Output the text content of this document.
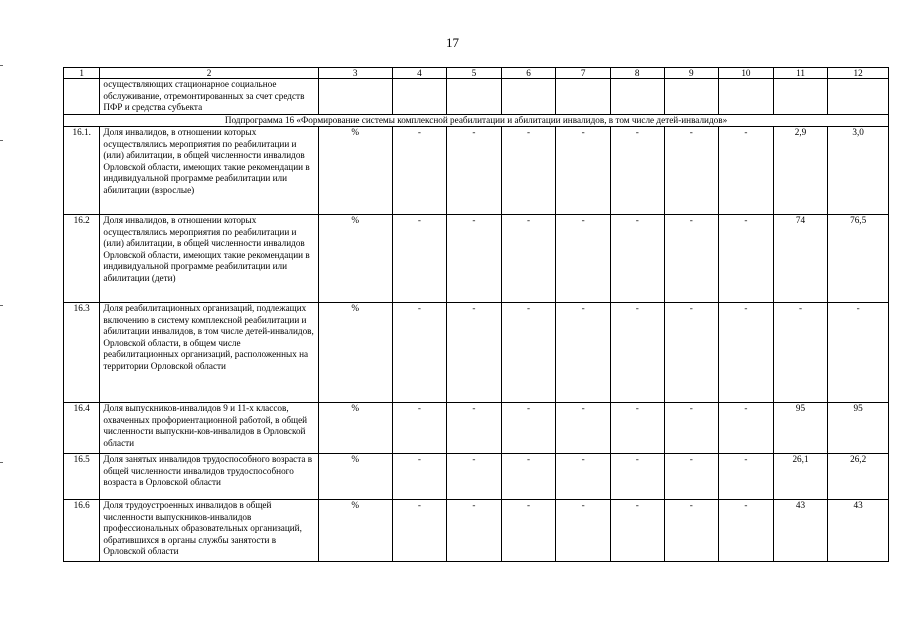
17
1	2	3	4	5	6	7	8	9	10	11	12
	осуществляющих стационарное социальное обслуживание, отремонтированных за счет средств ПФР и средства субъекта										
Подпрограмма 16 «Формирование системы комплексной реабилитации и абилитации инвалидов, в том числе детей-инвалидов»											
16.1.	Доля инвалидов, в отношении которых осуществлялись мероприятия по реабилитации и (или) абилитации, в общей численности инвалидов Орловской области, имеющих такие рекомендации в индивидуальной программе реабилитации или абилитации (взрослые)	%	-	-	-	-	-	-	-	2,9	3,0
16.2	Доля инвалидов, в отношении которых осуществлялись мероприятия по реабилитации и (или) абилитации, в общей численности инвалидов Орловской области, имеющих такие рекомендации в индивидуальной программе реабилитации или абилитации (дети)	%	-	-	-	-	-	-	-	74	76,5
16.3	Доля реабилитационных организаций, подлежащих включению в систему комплексной реабилитации и абилитации инвалидов, в том числе детей-инвалидов, Орловской области, в общем числе реабилитационных организаций, расположенных на территории Орловской области	%	-	-	-	-	-	-	-	-	-
16.4	Доля выпускников-инвалидов 9 и 11-х классов, охваченных профориентационной работой, в общей численности выпускни-ков-инвалидов в Орловской области	%	-	-	-	-	-	-	-	95	95
16.5	Доля занятых инвалидов трудоспособного возраста в общей численности инвалидов трудоспособного возраста в Орловской области	%	-	-	-	-	-	-	-	26,1	26,2
16.6	Доля трудоустроенных инвалидов в общей численности выпускников-инвалидов профессиональных образовательных организаций, обратившихся в органы службы занятости в Орловской области	%	-	-	-	-	-	-	-	43	43
